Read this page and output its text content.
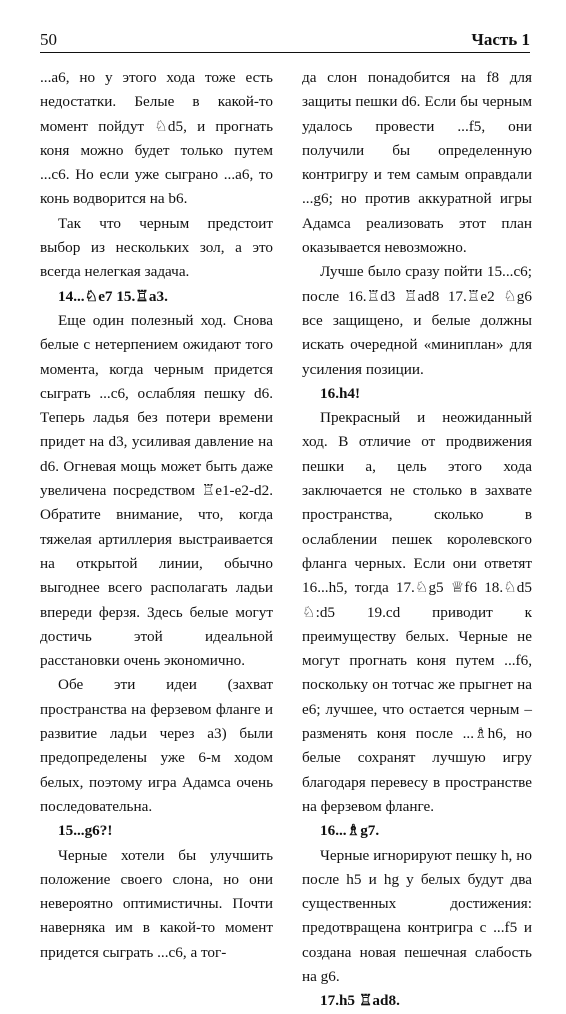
50	Часть 1

...a6, но у этого хода тоже есть недостатки. Белые в какой-то момент пойдут ♘d5, и прогнать коня можно будет только путем ...c6. Но если уже сыграно ...a6, то конь водворится на b6.

Так что черным предстоит выбор из нескольких зол, а это всегда нелегкая задача.

14...♘e7 15.♖a3.

Еще один полезный ход. Снова белые с нетерпением ожидают того момента, когда черным придется сыграть ...c6, ослабляя пешку d6. Теперь ладья без потери времени придет на d3, усиливая давление на d6. Огневая мощь может быть даже увеличена посредством ♖e1-e2-d2. Обратите внимание, что, когда тяжелая артиллерия выстраивается на открытой линии, обычно выгоднее всего располагать ладьи впереди ферзя. Здесь белые могут достичь этой идеальной расстановки очень экономично.

Обе эти идеи (захват пространства на ферзевом фланге и развитие ладьи через a3) были предопределены уже 6-м ходом белых, поэтому игра Адамса очень последовательна.

15...g6?!

Черные хотели бы улучшить положение своего слона, но они невероятно оптимистичны. Почти наверняка им в какой-то момент придется сыграть ...c6, а тог-

да слон понадобится на f8 для защиты пешки d6. Если бы черным удалось провести ...f5, они получили бы определенную контригру и тем самым оправдали ...g6; но против аккуратной игры Адамса реализовать этот план оказывается невозможно.

Лучше было сразу пойти 15...c6; после 16.♖d3 ♖ad8 17.♖e2 ♘g6 все защищено, и белые должны искать очередной «миниплан» для усиления позиции.

16.h4!

Прекрасный и неожиданный ход. В отличие от продвижения пешки a, цель этого хода заключается не столько в захвате пространства, сколько в ослаблении пешек королевского фланга черных. Если они ответят 16...h5, тогда 17.♘g5 ♕f6 18.♘d5 ♘:d5 19.cd приводит к преимуществу белых. Черные не могут прогнать коня путем ...f6, поскольку он тотчас же прыгнет на e6; лучшее, что остается черным – разменять коня после ...♗h6, но белые сохранят лучшую игру благодаря перевесу в пространстве на ферзевом фланге.

16...♗g7.

Черные игнорируют пешку h, но после h5 и hg у белых будут два существенных достижения: предотвращена контригра с ...f5 и создана новая пешечная слабость на g6.

17.h5 ♖ad8.
